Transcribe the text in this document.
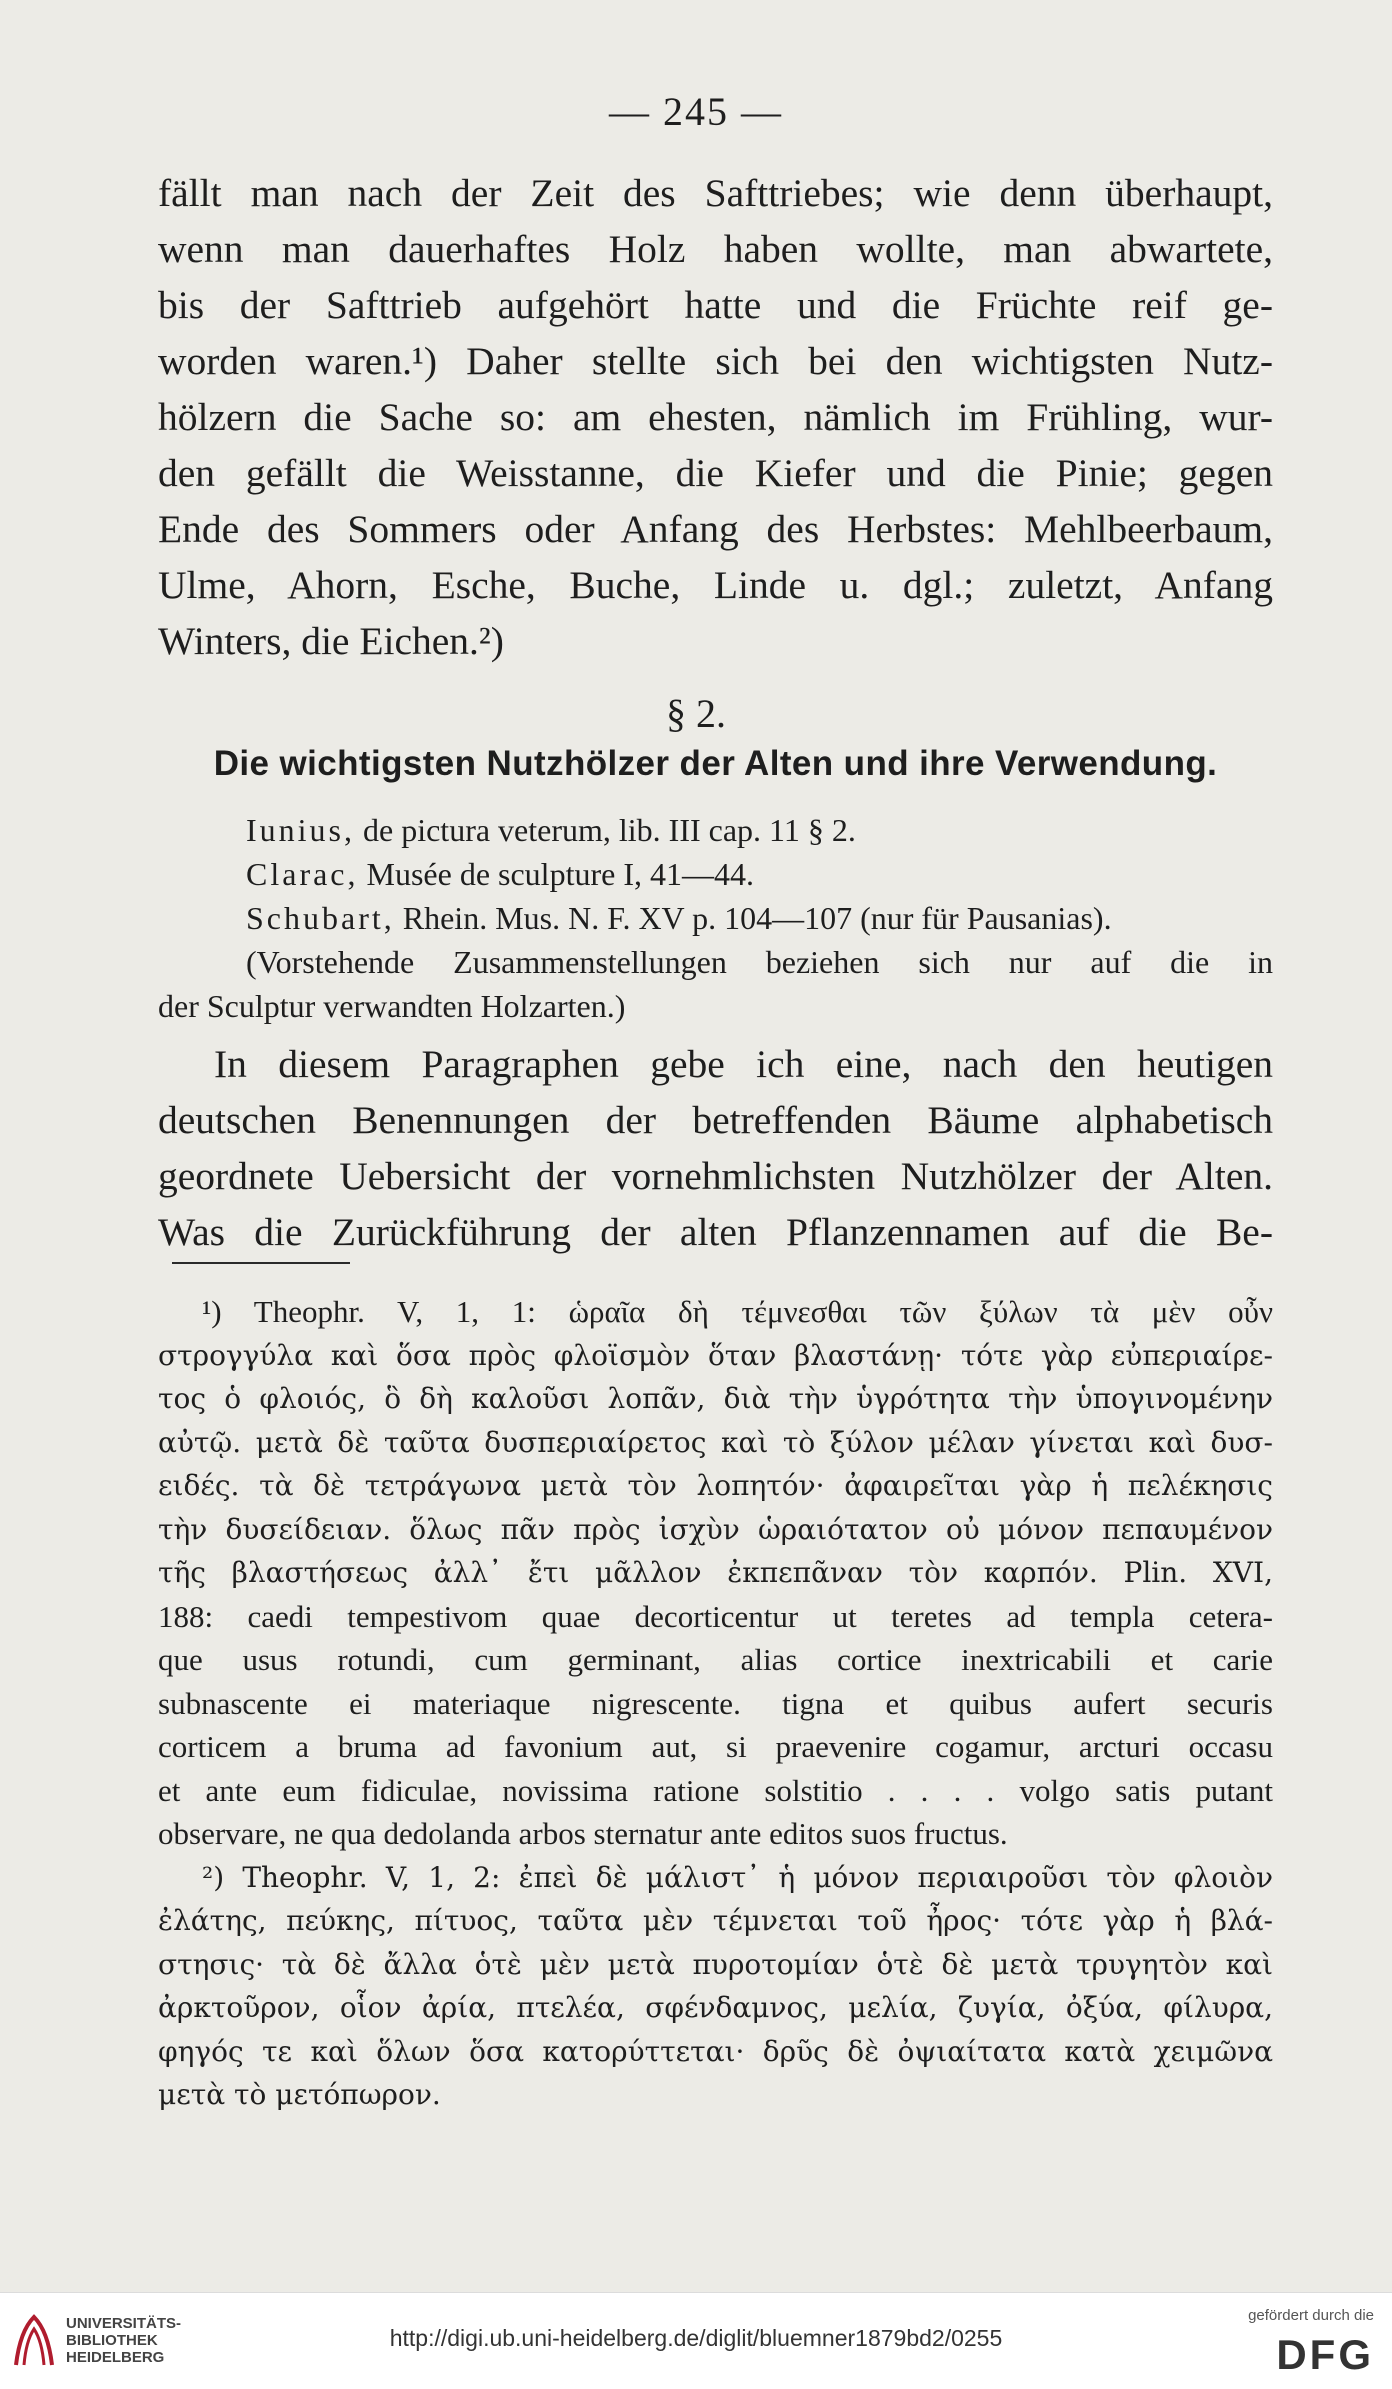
— 245 —
fällt man nach der Zeit des Safttriebes; wie denn überhaupt,
wenn man dauerhaftes Holz haben wollte, man abwartete,
bis der Safttrieb aufgehört hatte und die Früchte reif ge-
worden waren.¹) Daher stellte sich bei den wichtigsten Nutz-
hölzern die Sache so: am ehesten, nämlich im Frühling, wur-
den gefällt die Weisstanne, die Kiefer und die Pinie; gegen
Ende des Sommers oder Anfang des Herbstes: Mehlbeerbaum,
Ulme, Ahorn, Esche, Buche, Linde u. dgl.; zuletzt, Anfang
Winters, die Eichen.²)
§ 2.
Die wichtigsten Nutzhölzer der Alten und ihre Verwendung.
Iunius, de pictura veterum, lib. III cap. 11 § 2.
Clarac, Musée de sculpture I, 41—44.
Schubart, Rhein. Mus. N. F. XV p. 104—107 (nur für Pausanias).
(Vorstehende Zusammenstellungen beziehen sich nur auf die in
der Sculptur verwandten Holzarten.)
In diesem Paragraphen gebe ich eine, nach den heutigen
deutschen Benennungen der betreffenden Bäume alphabetisch
geordnete Uebersicht der vornehmlichsten Nutzhölzer der Alten.
Was die Zurückführung der alten Pflanzennamen auf die Be-
¹) Theophr. V, 1, 1: ὡραῖα δὴ τέμνεσθαι τῶν ξύλων τὰ μὲν οὖν
στρογγύλα καὶ ὅσα πρὸς φλοϊσμὸν ὅταν βλαστάνῃ· τότε γὰρ εὐπεριαίρε-
τος ὁ φλοιός, ὃ δὴ καλοῦσι λοπᾶν, διὰ τὴν ὑγρότητα τὴν ὑπογινομένην
αὐτῷ. μετὰ δὲ ταῦτα δυσπεριαίρετος καὶ τὸ ξύλον μέλαν γίνεται καὶ δυσ-
ειδές. τὰ δὲ τετράγωνα μετὰ τὸν λοπητόν· ἀφαιρεῖται γὰρ ἡ πελέκησις
τὴν δυσείδειαν. ὅλως πᾶν πρὸς ἰσχὺν ὡραιότατον οὐ μόνον πεπαυμένον
τῆς βλαστήσεως ἀλλ᾽ ἔτι μᾶλλον ἐκπεπᾶναν τὸν καρπόν. Plin. XVI,
188: caedi tempestivom quae decorticentur ut teretes ad templa cetera-
que usus rotundi, cum germinant, alias cortice inextricabili et carie
subnascente ei materiaque nigrescente. tigna et quibus aufert securis
corticem a bruma ad favonium aut, si praevenire cogamur, arcturi occasu
et ante eum fidiculae, novissima ratione solstitio . . . . volgo satis putant
observare, ne qua dedolanda arbos sternatur ante editos suos fructus.
²) Theophr. V, 1, 2: ἐπεὶ δὲ μάλιστ᾽ ἡ μόνον περιαιροῦσι τὸν φλοιὸν
ἐλάτης, πεύκης, πίτυος, ταῦτα μὲν τέμνεται τοῦ ἦρος· τότε γὰρ ἡ βλά-
στησις· τὰ δὲ ἄλλα ὁτὲ μὲν μετὰ πυροτομίαν ὁτὲ δὲ μετὰ τρυγητὸν καὶ
ἀρκτοῦρον, οἷον ἀρία, πτελέα, σφένδαμνος, μελία, ζυγία, ὀξύα, φίλυρα,
φηγός τε καὶ ὅλων ὅσα κατορύττεται· δρῦς δὲ ὀψιαίτατα κατὰ χειμῶνα
μετὰ τὸ μετόπωρον.
UNIVERSITÄTS-
BIBLIOTHEK
HEIDELBERG
http://digi.ub.uni-heidelberg.de/diglit/bluemner1879bd2/0255
gefördert durch die
DFG
